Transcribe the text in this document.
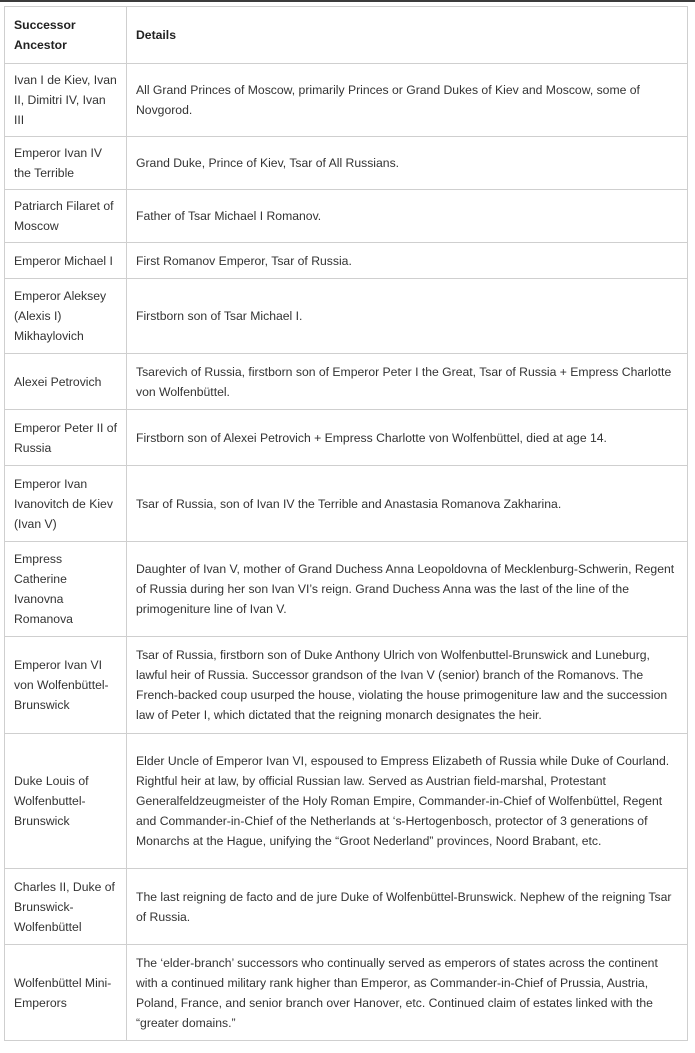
Successor Ancestor	Details
Ivan I de Kiev, Ivan II, Dimitri IV, Ivan III	All Grand Princes of Moscow, primarily Princes or Grand Dukes of Kiev and Moscow, some of Novgorod.
Emperor Ivan IV the Terrible	Grand Duke, Prince of Kiev, Tsar of All Russians.
Patriarch Filaret of Moscow	Father of Tsar Michael I Romanov.
Emperor Michael I	First Romanov Emperor, Tsar of Russia.
Emperor Aleksey (Alexis I) Mikhaylovich	Firstborn son of Tsar Michael I.
Alexei Petrovich	Tsarevich of Russia, firstborn son of Emperor Peter I the Great, Tsar of Russia + Empress Charlotte von Wolfenbüttel.
Emperor Peter II of Russia	Firstborn son of Alexei Petrovich + Empress Charlotte von Wolfenbüttel, died at age 14.
Emperor Ivan Ivanovitch de Kiev (Ivan V)	Tsar of Russia, son of Ivan IV the Terrible and Anastasia Romanova Zakharina.
Empress Catherine Ivanovna Romanova	Daughter of Ivan V, mother of Grand Duchess Anna Leopoldovna of Mecklenburg-Schwerin, Regent of Russia during her son Ivan VI’s reign. Grand Duchess Anna was the last of the line of the primogeniture line of Ivan V.
Emperor Ivan VI von Wolfenbüttel-Brunswick	Tsar of Russia, firstborn son of Duke Anthony Ulrich von Wolfenbuttel-Brunswick and Luneburg, lawful heir of Russia. Successor grandson of the Ivan V (senior) branch of the Romanovs. The French-backed coup usurped the house, violating the house primogeniture law and the succession law of Peter I, which dictated that the reigning monarch designates the heir.
Duke Louis of Wolfenbuttel-Brunswick	Elder Uncle of Emperor Ivan VI, espoused to Empress Elizabeth of Russia while Duke of Courland. Rightful heir at law, by official Russian law. Served as Austrian field-marshal, Protestant Generalfeldzeugmeister of the Holy Roman Empire, Commander-in-Chief of Wolfenbüttel, Regent and Commander-in-Chief of the Netherlands at ‘s-Hertogenbosch, protector of 3 generations of Monarchs at the Hague, unifying the “Groot Nederland” provinces, Noord Brabant, etc.
Charles II, Duke of Brunswick-Wolfenbüttel	The last reigning de facto and de jure Duke of Wolfenbüttel-Brunswick. Nephew of the reigning Tsar of Russia.
Wolfenbüttel Mini-Emperors	The ‘elder-branch’ successors who continually served as emperors of states across the continent with a continued military rank higher than Emperor, as Commander-in-Chief of Prussia, Austria, Poland, France, and senior branch over Hanover, etc. Continued claim of estates linked with the “greater domains.”
